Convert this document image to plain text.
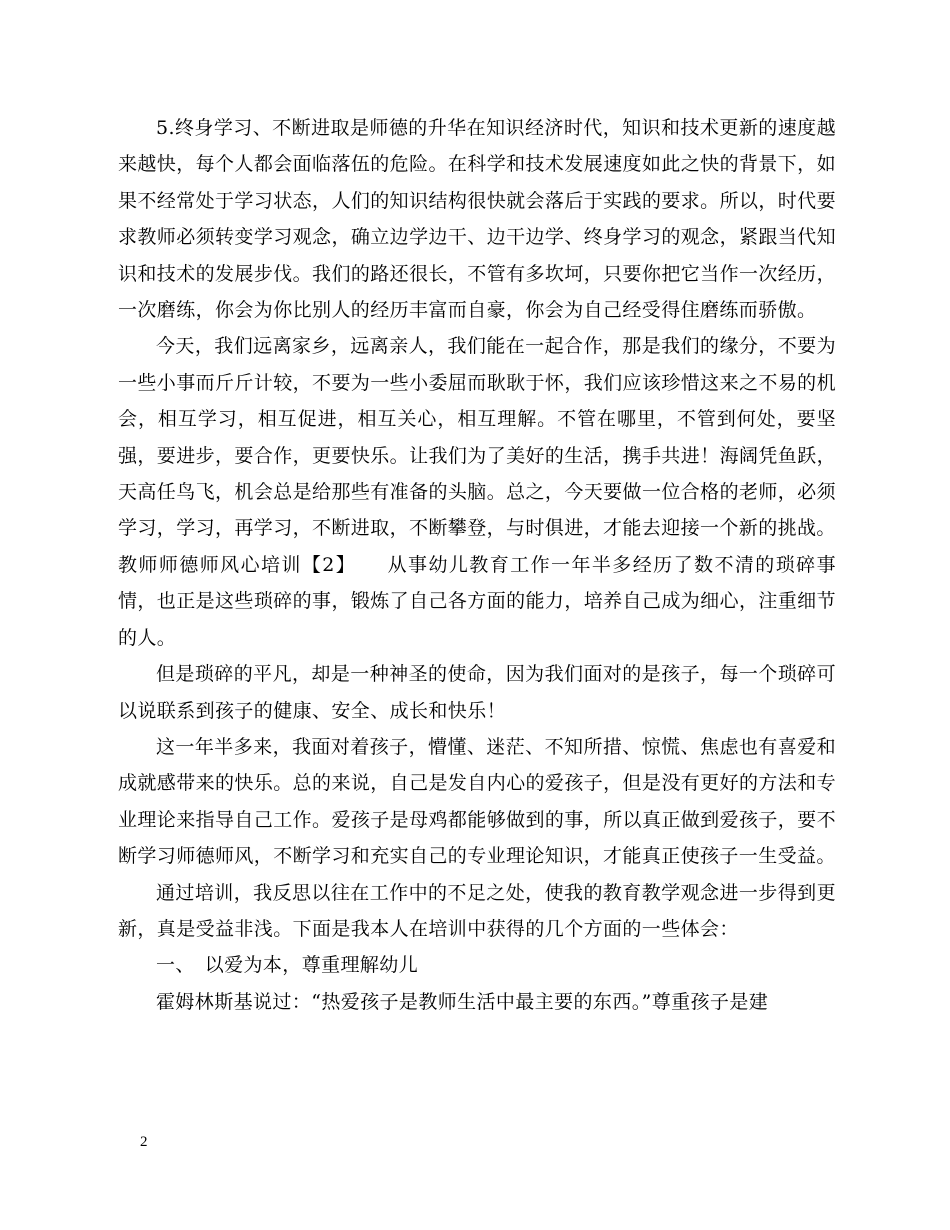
5.终身学习、不断进取是师德的升华在知识经济时代，知识和技术更新的速度越来越快，每个人都会面临落伍的危险。在科学和技术发展速度如此之快的背景下，如果不经常处于学习状态，人们的知识结构很快就会落后于实践的要求。所以，时代要求教师必须转变学习观念，确立边学边干、边干边学、终身学习的观念，紧跟当代知识和技术的发展步伐。我们的路还很长，不管有多坎坷，只要你把它当作一次经历，一次磨练，你会为你比别人的经历丰富而自豪，你会为自己经受得住磨练而骄傲。

今天，我们远离家乡，远离亲人，我们能在一起合作，那是我们的缘分，不要为一些小事而斤斤计较，不要为一些小委屈而耿耿于怀，我们应该珍惜这来之不易的机会，相互学习，相互促进，相互关心，相互理解。不管在哪里，不管到何处，要坚强，要进步，要合作，更要快乐。让我们为了美好的生活，携手共进！海阔凭鱼跃，天高任鸟飞，机会总是给那些有准备的头脑。总之，今天要做一位合格的老师，必须学习，学习，再学习，不断进取，不断攀登，与时俱进，才能去迎接一个新的挑战。

教师师德师风心培训【2】　　从事幼儿教育工作一年半多经历了数不清的琐碎事情，也正是这些琐碎的事，锻炼了自己各方面的能力，培养自己成为细心，注重细节的人。

但是琐碎的平凡，却是一种神圣的使命，因为我们面对的是孩子，每一个琐碎可以说联系到孩子的健康、安全、成长和快乐！

这一年半多来，我面对着孩子，懵懂、迷茫、不知所措、惊慌、焦虑也有喜爱和成就感带来的快乐。总的来说，自己是发自内心的爱孩子，但是没有更好的方法和专业理论来指导自己工作。爱孩子是母鸡都能够做到的事，所以真正做到爱孩子，要不断学习师德师风，不断学习和充实自己的专业理论知识，才能真正使孩子一生受益。

通过培训，我反思以往在工作中的不足之处，使我的教育教学观念进一步得到更新，真是受益非浅。下面是我本人在培训中获得的几个方面的一些体会：

一、　以爱为本，尊重理解幼儿

霍姆林斯基说过：“热爱孩子是教师生活中最主要的东西。”尊重孩子是建

2
